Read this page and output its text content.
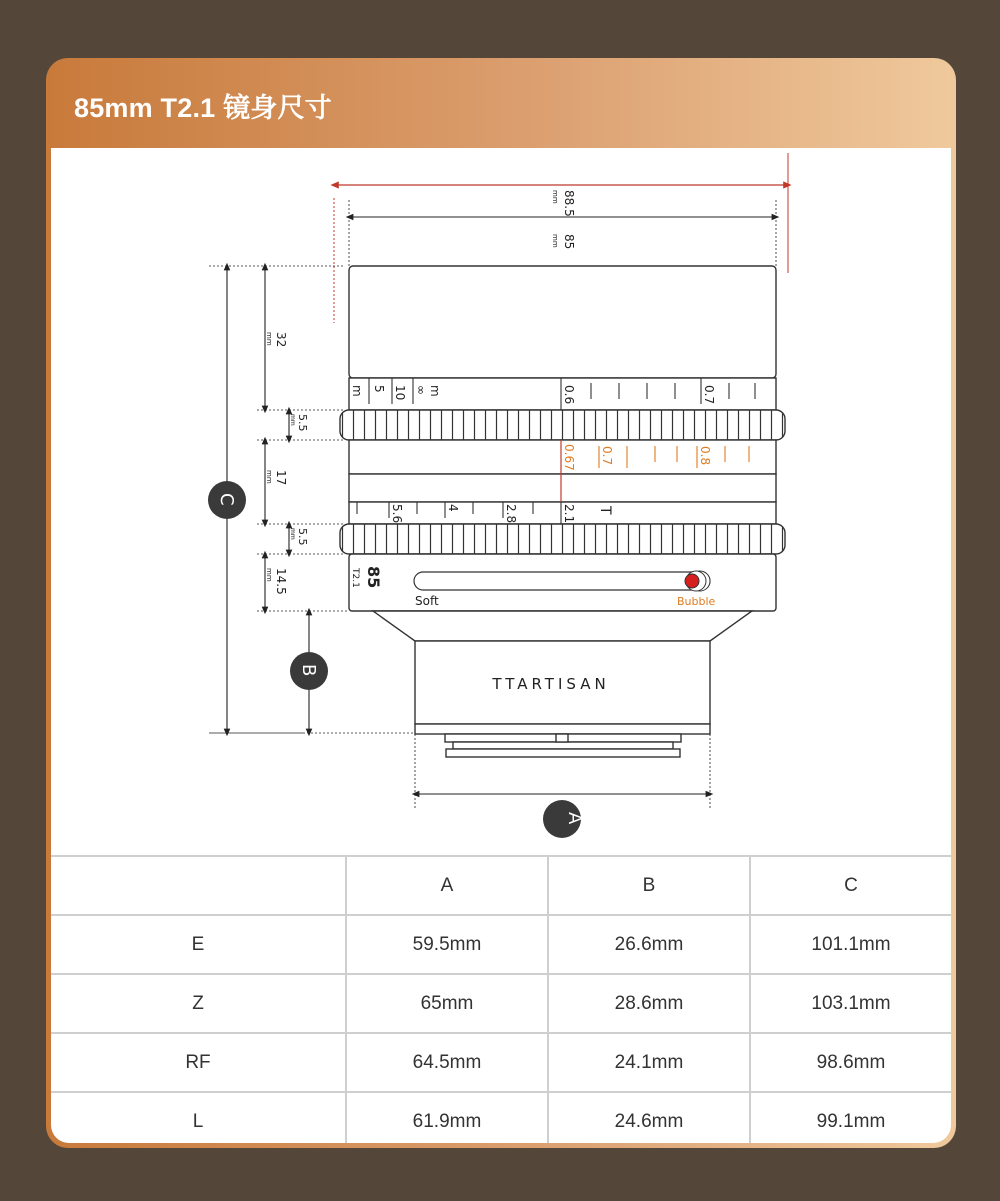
85mm T2.1 镜身尺寸
88.5
mm
85
mm
m 5 10 ∞ m	0.6	0.7
0.67 0.7	0.8
5.6	4	2.8	2.1 T
85
T2.1
Soft	Bubble
TTARTISAN
32
mm
5.5
mm
17
mm
5.5
mm
14.5
mm
C
B
A
	A	B	C
E	59.5mm	26.6mm	101.1mm
Z	65mm	28.6mm	103.1mm
RF	64.5mm	24.1mm	98.6mm
L	61.9mm	24.6mm	99.1mm
